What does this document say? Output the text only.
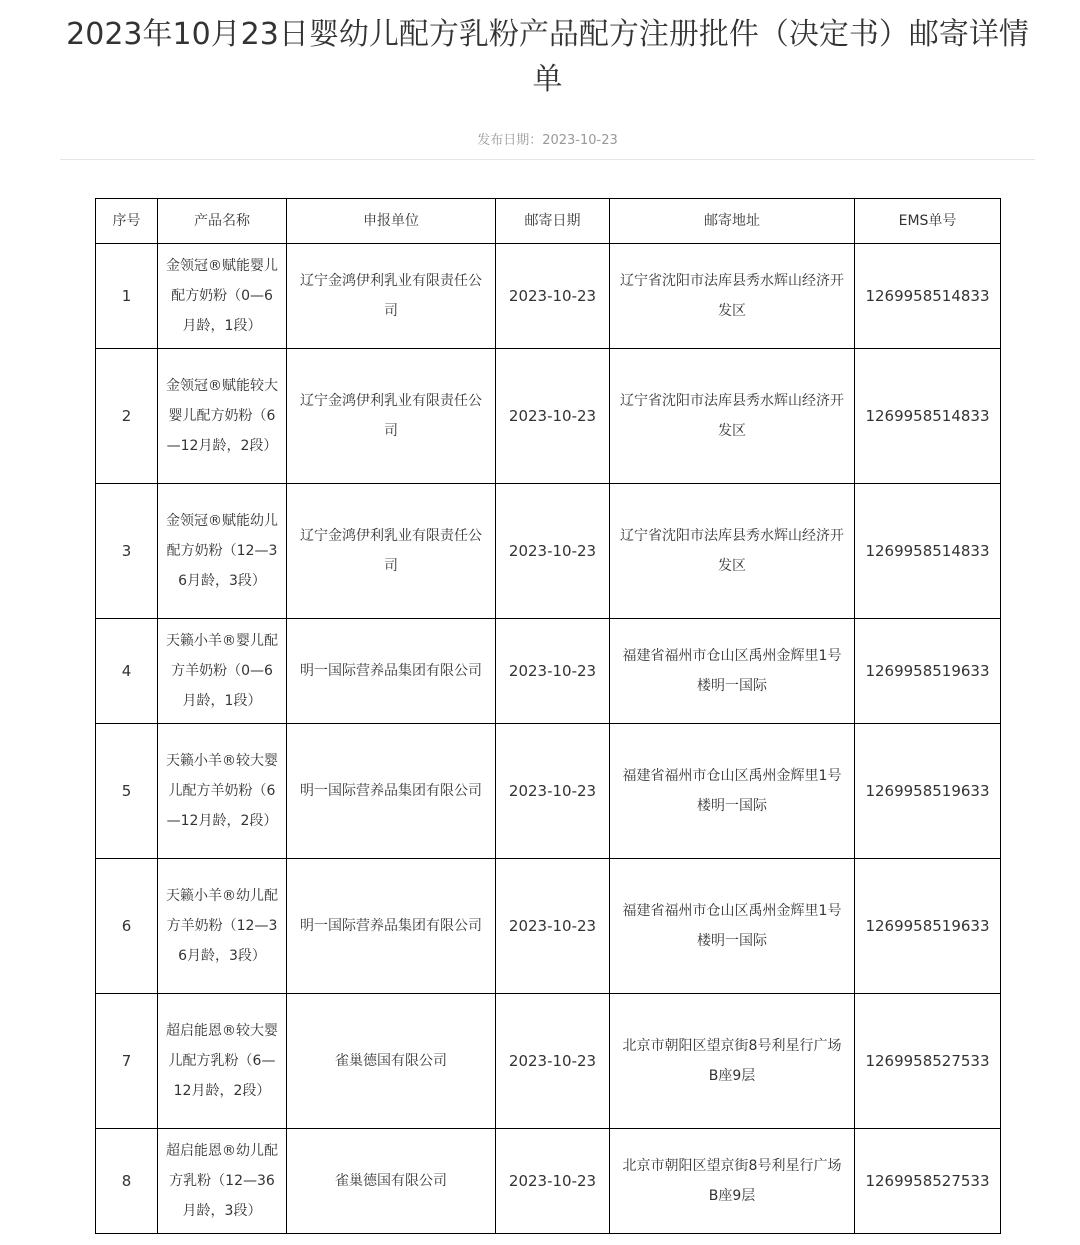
2023年10月23日婴幼儿配方乳粉产品配方注册批件（决定书）邮寄详情单
发布日期：2023-10-23
序号	产品名称	申报单位	邮寄日期	邮寄地址	EMS单号
1	金领冠®赋能婴儿配方奶粉（0—6月龄，1段）	辽宁金鸿伊利乳业有限责任公司	2023-10-23	辽宁省沈阳市法库县秀水辉山经济开发区	1269958514833
2	金领冠®赋能较大婴儿配方奶粉（6—12月龄，2段）	辽宁金鸿伊利乳业有限责任公司	2023-10-23	辽宁省沈阳市法库县秀水辉山经济开发区	1269958514833
3	金领冠®赋能幼儿配方奶粉（12—36月龄，3段）	辽宁金鸿伊利乳业有限责任公司	2023-10-23	辽宁省沈阳市法库县秀水辉山经济开发区	1269958514833
4	天籁小羊®婴儿配方羊奶粉（0—6月龄，1段）	明一国际营养品集团有限公司	2023-10-23	福建省福州市仓山区禹州金辉里1号楼明一国际	1269958519633
5	天籁小羊®较大婴儿配方羊奶粉（6—12月龄，2段）	明一国际营养品集团有限公司	2023-10-23	福建省福州市仓山区禹州金辉里1号楼明一国际	1269958519633
6	天籁小羊®幼儿配方羊奶粉（12—36月龄，3段）	明一国际营养品集团有限公司	2023-10-23	福建省福州市仓山区禹州金辉里1号楼明一国际	1269958519633
7	超启能恩®较大婴儿配方乳粉（6—12月龄，2段）	雀巢德国有限公司	2023-10-23	北京市朝阳区望京街8号利星行广场B座9层	1269958527533
8	超启能恩®幼儿配方乳粉（12—36月龄，3段）	雀巢德国有限公司	2023-10-23	北京市朝阳区望京街8号利星行广场B座9层	1269958527533
